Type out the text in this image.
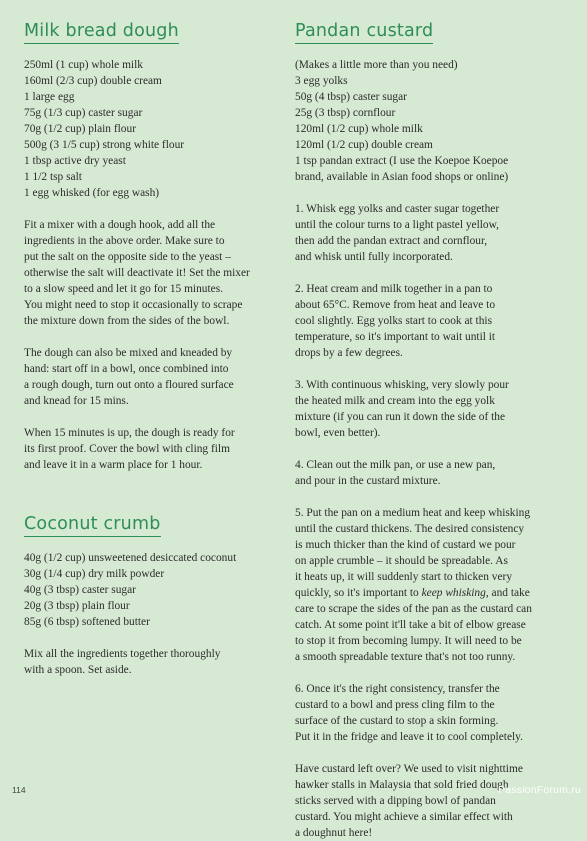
Milk bread dough
250ml (1 cup) whole milk
160ml (2/3 cup) double cream
1 large egg
75g (1/3 cup) caster sugar
70g (1/2 cup) plain flour
500g (3 1/5 cup) strong white flour
1 tbsp active dry yeast
1 1/2 tsp salt
1 egg whisked (for egg wash)
Fit a mixer with a dough hook, add all the
ingredients in the above order. Make sure to
put the salt on the opposite side to the yeast –
otherwise the salt will deactivate it! Set the mixer
to a slow speed and let it go for 15 minutes.
You might need to stop it occasionally to scrape
the mixture down from the sides of the bowl.
The dough can also be mixed and kneaded by
hand: start off in a bowl, once combined into
a rough dough, turn out onto a floured surface
and knead for 15 mins.
When 15 minutes is up, the dough is ready for
its first proof. Cover the bowl with cling film
and leave it in a warm place for 1 hour.
Coconut crumb
40g (1/2 cup) unsweetened desiccated coconut
30g (1/4 cup) dry milk powder
40g (3 tbsp) caster sugar
20g (3 tbsp) plain flour
85g (6 tbsp) softened butter
Mix all the ingredients together thoroughly
with a spoon. Set aside.
Pandan custard
(Makes a little more than you need)
3 egg yolks
50g (4 tbsp) caster sugar
25g (3 tbsp) cornflour
120ml (1/2 cup) whole milk
120ml (1/2 cup) double cream
1 tsp pandan extract (I use the Koepoe Koepoe
brand, available in Asian food shops or online)
1. Whisk egg yolks and caster sugar together
until the colour turns to a light pastel yellow,
then add the pandan extract and cornflour,
and whisk until fully incorporated.
2. Heat cream and milk together in a pan to
about 65°C. Remove from heat and leave to
cool slightly. Egg yolks start to cook at this
temperature, so it's important to wait until it
drops by a few degrees.
3. With continuous whisking, very slowly pour
the heated milk and cream into the egg yolk
mixture (if you can run it down the side of the
bowl, even better).
4. Clean out the milk pan, or use a new pan,
and pour in the custard mixture.
5. Put the pan on a medium heat and keep whisking
until the custard thickens. The desired consistency
is much thicker than the kind of custard we pour
on apple crumble – it should be spreadable. As
it heats up, it will suddenly start to thicken very
quickly, so it's important to keep whisking, and take
care to scrape the sides of the pan as the custard can
catch. At some point it'll take a bit of elbow grease
to stop it from becoming lumpy. It will need to be
a smooth spreadable texture that's not too runny.
6. Once it's the right consistency, transfer the
custard to a bowl and press cling film to the
surface of the custard to stop a skin forming.
Put it in the fridge and leave it to cool completely.
Have custard left over? We used to visit nighttime
hawker stalls in Malaysia that sold fried dough
sticks served with a dipping bowl of pandan
custard. You might achieve a similar effect with
a doughnut here!
114	PassionForum.ru
